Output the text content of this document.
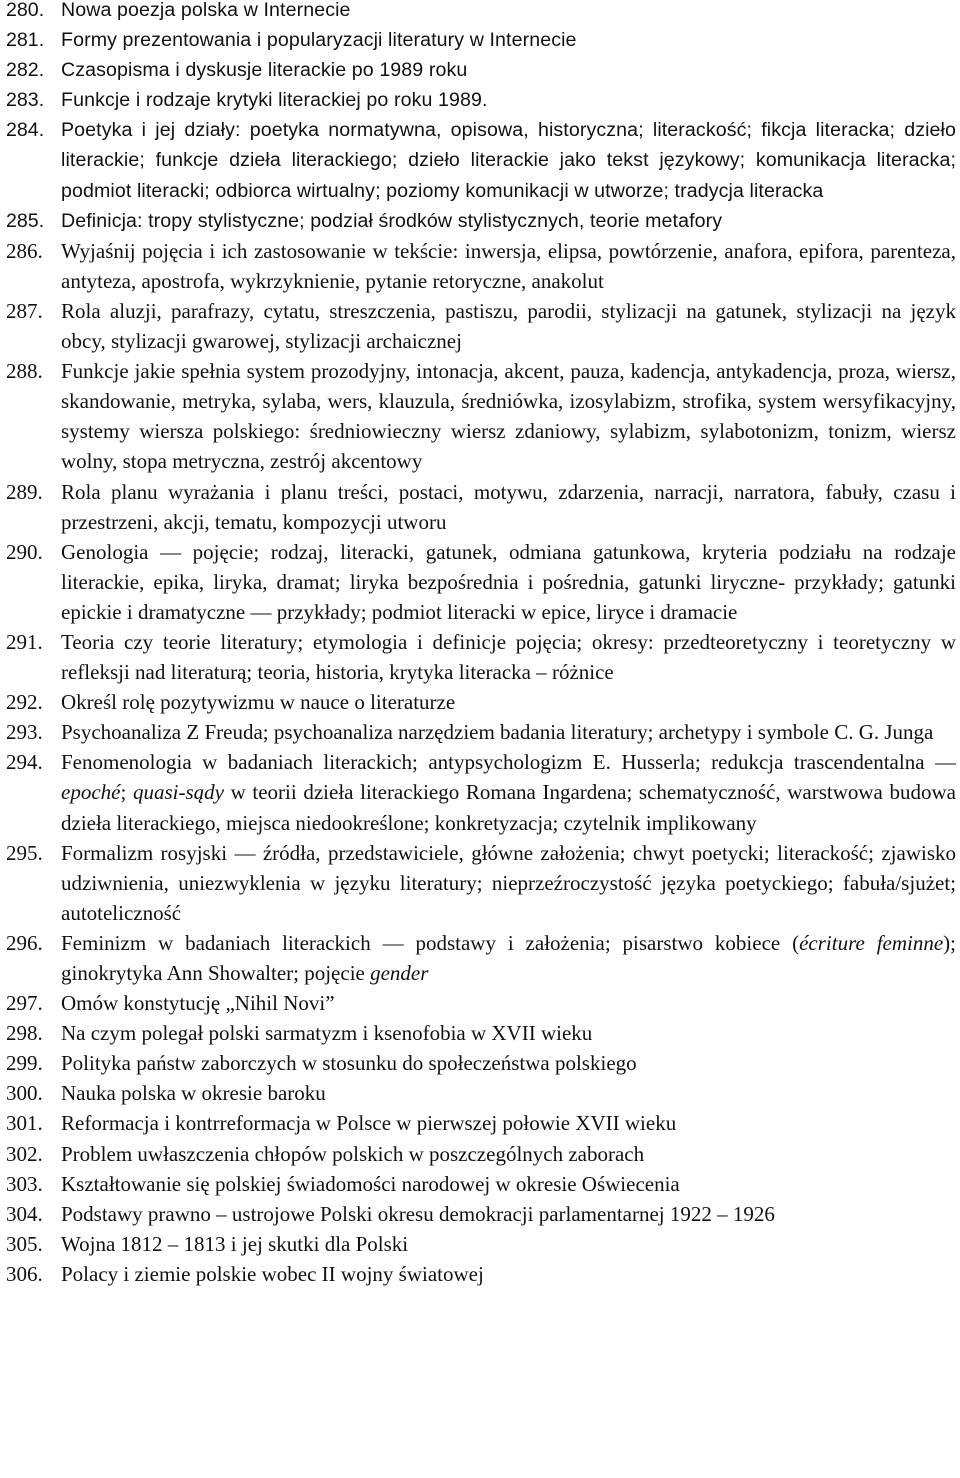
280. Nowa poezja polska w Internecie
281. Formy prezentowania i popularyzacji literatury w Internecie
282. Czasopisma i dyskusje literackie po 1989 roku
283. Funkcje i rodzaje krytyki literackiej po roku 1989.
284. Poetyka i jej działy: poetyka normatywna, opisowa, historyczna; literackość; fikcja literacka; dzieło literackie; funkcje dzieła literackiego; dzieło literackie jako tekst językowy; komunikacja literacka; podmiot literacki; odbiorca wirtualny; poziomy komunikacji w utworze; tradycja literacka
285. Definicja: tropy stylistyczne; podział środków stylistycznych, teorie metafory
286. Wyjaśnij pojęcia i ich zastosowanie w tekście: inwersja, elipsa, powtórzenie, anafora, epifora, parenteza, antyteza, apostrofa, wykrzyknienie, pytanie retoryczne, anakolut
287. Rola aluzji, parafrazy, cytatu, streszczenia, pastiszu, parodii, stylizacji na gatunek, stylizacji na język obcy, stylizacji gwarowej, stylizacji archaicznej
288. Funkcje jakie spełnia system prozodyjny, intonacja, akcent, pauza, kadencja, antykadencja, proza, wiersz, skandowanie, metryka, sylaba, wers, klauzula, średniówka, izosylabizm, strofika, system wersyfikacyjny, systemy wiersza polskiego: średniowieczny wiersz zdaniowy, sylabizm, sylabotonizm, tonizm, wiersz wolny, stopa metryczna, zestrój akcentowy
289. Rola planu wyrażania i planu treści, postaci, motywu, zdarzenia, narracji, narratora, fabuły, czasu i przestrzeni, akcji, tematu, kompozycji utworu
290. Genologia — pojęcie; rodzaj, literacki, gatunek, odmiana gatunkowa, kryteria podziału na rodzaje literackie, epika, liryka, dramat; liryka bezpośrednia i pośrednia, gatunki liryczne- przykłady; gatunki epickie i dramatyczne — przykłady; podmiot literacki w epice, liryce i dramacie
291. Teoria czy teorie literatury; etymologia i definicje pojęcia; okresy: przedteoretyczny i teoretyczny w refleksji nad literaturą; teoria, historia, krytyka literacka – różnice
292. Określ rolę pozytywizmu w nauce o literaturze
293. Psychoanaliza Z Freuda; psychoanaliza narzędziem badania literatury; archetypy i symbole C. G. Junga
294. Fenomenologia w badaniach literackich; antypsychologizm E. Husserla; redukcja trascendentalna — epoché; quasi-sądy w teorii dzieła literackiego Romana Ingardena; schematyczność, warstwowa budowa dzieła literackiego, miejsca niedookreślone; konkretyzacja; czytelnik implikowany
295. Formalizm rosyjski — źródła, przedstawiciele, główne założenia; chwyt poetycki; literackość; zjawisko udziwnienia, uniezwyklenia w języku literatury; nieprzeźroczystość języka poetyckiego; fabuła/sjużet; autoteliczność
296. Feminizm w badaniach literackich — podstawy i założenia; pisarstwo kobiece (écriture feminne); ginokrytyka Ann Showalter; pojęcie gender
297. Omów konstytucję „Nihil Novi”
298. Na czym polegał polski sarmatyzm i ksenofobia w XVII wieku
299. Polityka państw zaborczych w stosunku do społeczeństwa polskiego
300. Nauka polska w okresie baroku
301. Reformacja i kontrreformacja w Polsce w pierwszej połowie XVII wieku
302. Problem uwłaszczenia chłopów polskich w poszczególnych zaborach
303. Kształtowanie się polskiej świadomości narodowej w okresie Oświecenia
304. Podstawy prawno – ustrojowe Polski okresu demokracji parlamentarnej 1922 – 1926
305. Wojna 1812 – 1813 i jej skutki dla Polski
306. Polacy i ziemie polskie wobec II wojny światowej
